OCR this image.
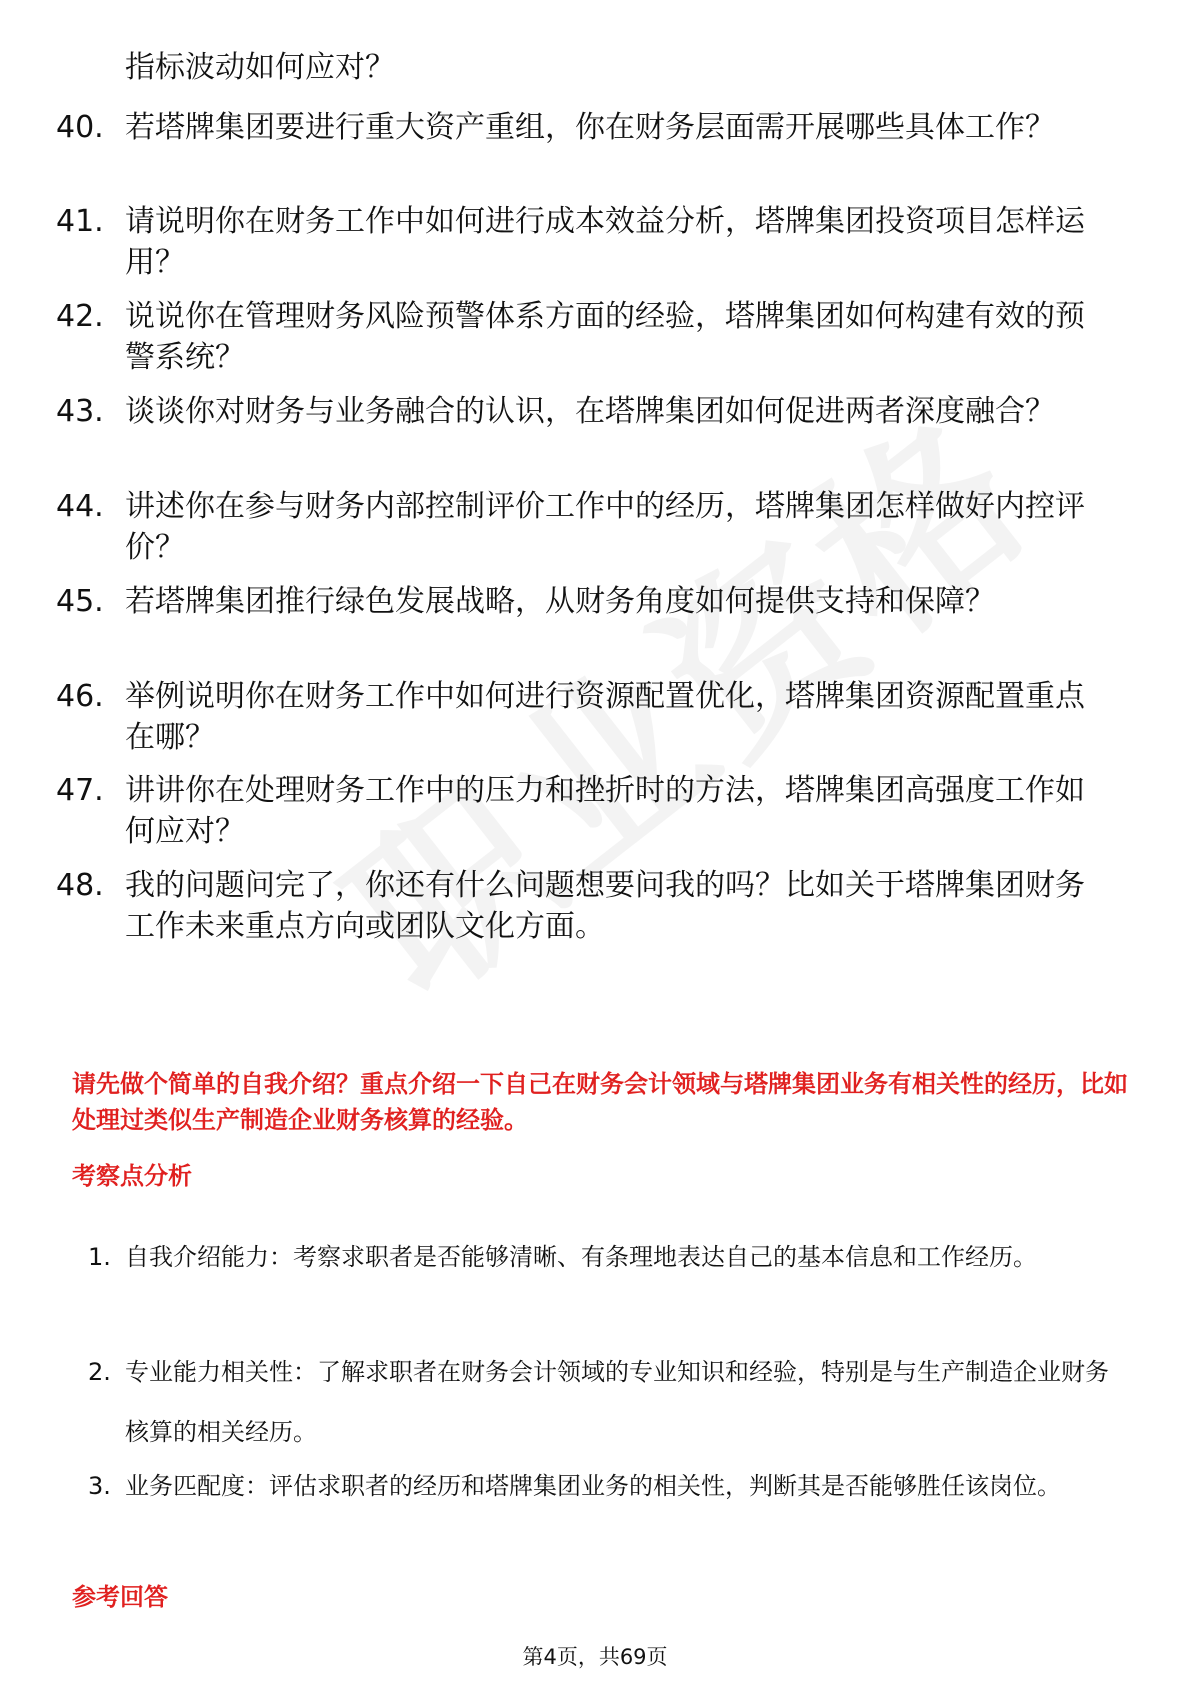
指标波动如何应对？
40. 若塔牌集团要进行重大资产重组，你在财务层面需开展哪些具体工作？
41. 请说明你在财务工作中如何进行成本效益分析，塔牌集团投资项目怎样运用？
42. 说说你在管理财务风险预警体系方面的经验，塔牌集团如何构建有效的预警系统？
43. 谈谈你对财务与业务融合的认识，在塔牌集团如何促进两者深度融合？
44. 讲述你在参与财务内部控制评价工作中的经历，塔牌集团怎样做好内控评价？
45. 若塔牌集团推行绿色发展战略，从财务角度如何提供支持和保障？
46. 举例说明你在财务工作中如何进行资源配置优化，塔牌集团资源配置重点在哪？
47. 讲讲你在处理财务工作中的压力和挫折时的方法，塔牌集团高强度工作如何应对？
48. 我的问题问完了，你还有什么问题想要问我的吗？比如关于塔牌集团财务工作未来重点方向或团队文化方面。
请先做个简单的自我介绍？重点介绍一下自己在财务会计领域与塔牌集团业务有相关性的经历，比如处理过类似生产制造企业财务核算的经验。
考察点分析
1. 自我介绍能力：考察求职者是否能够清晰、有条理地表达自己的基本信息和工作经历。
2. 专业能力相关性：了解求职者在财务会计领域的专业知识和经验，特别是与生产制造企业财务核算的相关经历。
3. 业务匹配度：评估求职者的经历和塔牌集团业务的相关性，判断其是否能够胜任该岗位。
参考回答
第4页，共69页
